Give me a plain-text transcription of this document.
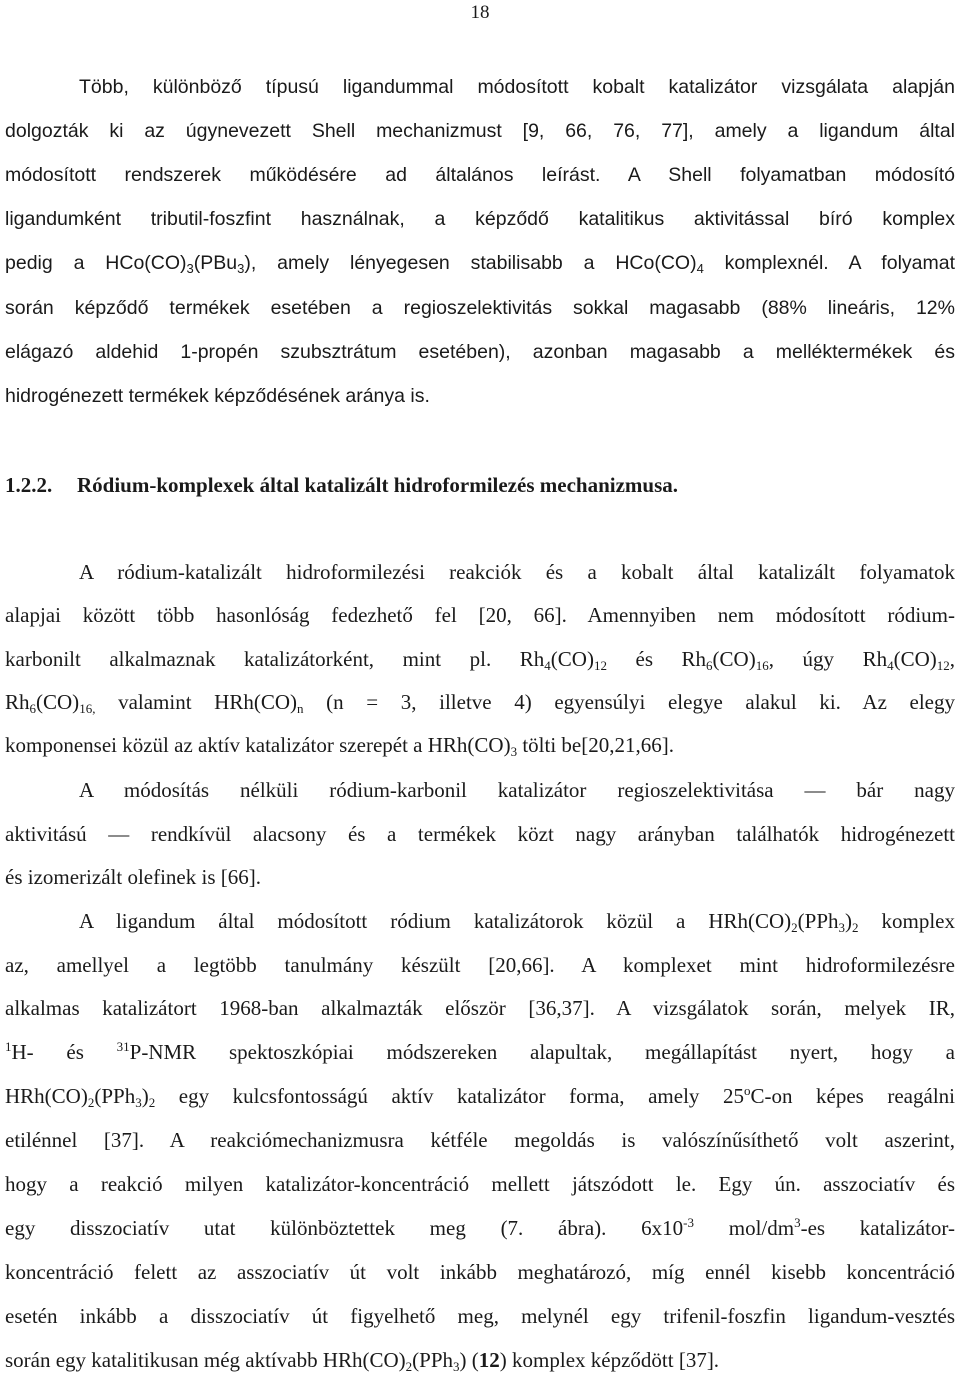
18
Több, különböző típusú ligandummal módosított kobalt katalizátor vizsgálata alapján
dolgozták ki az úgynevezett Shell mechanizmust [9, 66, 76, 77], amely a ligandum által
módosított rendszerek működésére ad általános leírást. A Shell folyamatban módosító
ligandumként tributil-foszfint használnak, a képződő katalitikus aktivitással bíró komplex
pedig a $HCo(CO)_3(PBu_3)$, amely lényegesen stabilisabb a $HCo(CO)_4$ komplexnél. A folyamat
során képződő termékek esetében a regioszelektivitás sokkal magasabb (88% lineáris, 12%
elágazó aldehid 1-propén szubsztrátum esetében), azonban magasabb a melléktermékek és
hidrogénezett termékek képződésének aránya is.
1.2.2. Ródium-komplexek által katalizált hidroformilezés mechanizmusa.
A ródium-katalizált hidroformilezési reakciók és a kobalt által katalizált folyamatok
alapjai között több hasonlóság fedezhető fel [20, 66]. Amennyiben nem módosított ródium-
karbonilt alkalmaznak katalizátorként, mint pl. $Rh_4(CO)_{12}$ és $Rh_6(CO)_{16}$, úgy $Rh_4(CO)_{12}$,
$Rh_6(CO)_{16,}$ valamint $HRh(CO)_n$ (n = 3, illetve 4) egyensúlyi elegye alakul ki. Az elegy
komponensei közül az aktív katalizátor szerepét a $HRh(CO)_3$ tölti be[20,21,66].
A módosítás nélküli ródium-karbonil katalizátor regioszelektivitása — bár nagy
aktivitású — rendkívül alacsony és a termékek közt nagy arányban találhatók hidrogénezett
és izomerizált olefinek is [66].
A ligandum által módosított ródium katalizátorok közül a $HRh(CO)_2(PPh_3)_2$ komplex
az, amellyel a legtöbb tanulmány készült [20,66]. A komplexet mint hidroformilezésre
alkalmas katalizátort 1968-ban alkalmazták először [36,37]. A vizsgálatok során, melyek IR,
$^1$H- és $^{31}$P-NMR spektoszkópiai módszereken alapultak, megállapítást nyert, hogy a
$HRh(CO)_2(PPh_3)_2$ egy kulcsfontosságú aktív katalizátor forma, amely 25$^o$C-on képes reagálni
etilénnel [37]. A reakciómechanizmusra kétféle megoldás is valószínűsíthető volt aszerint,
hogy a reakció milyen katalizátor-koncentráció mellett játszódott le. Egy ún. asszociatív és
egy disszociatív utat különböztettek meg (7. ábra). $6x10^{-3}$ mol/$dm^3-es$ katalizátor-
koncentráció felett az asszociatív út volt inkább meghatározó, míg ennél kisebb koncentráció
esetén inkább a disszociatív út figyelhető meg, melynél egy trifenil-foszfin ligandum-vesztés
során egy katalitikusan még aktívabb $HRh(CO)_2(PPh_3)$ (12) komplex képződött [37].
